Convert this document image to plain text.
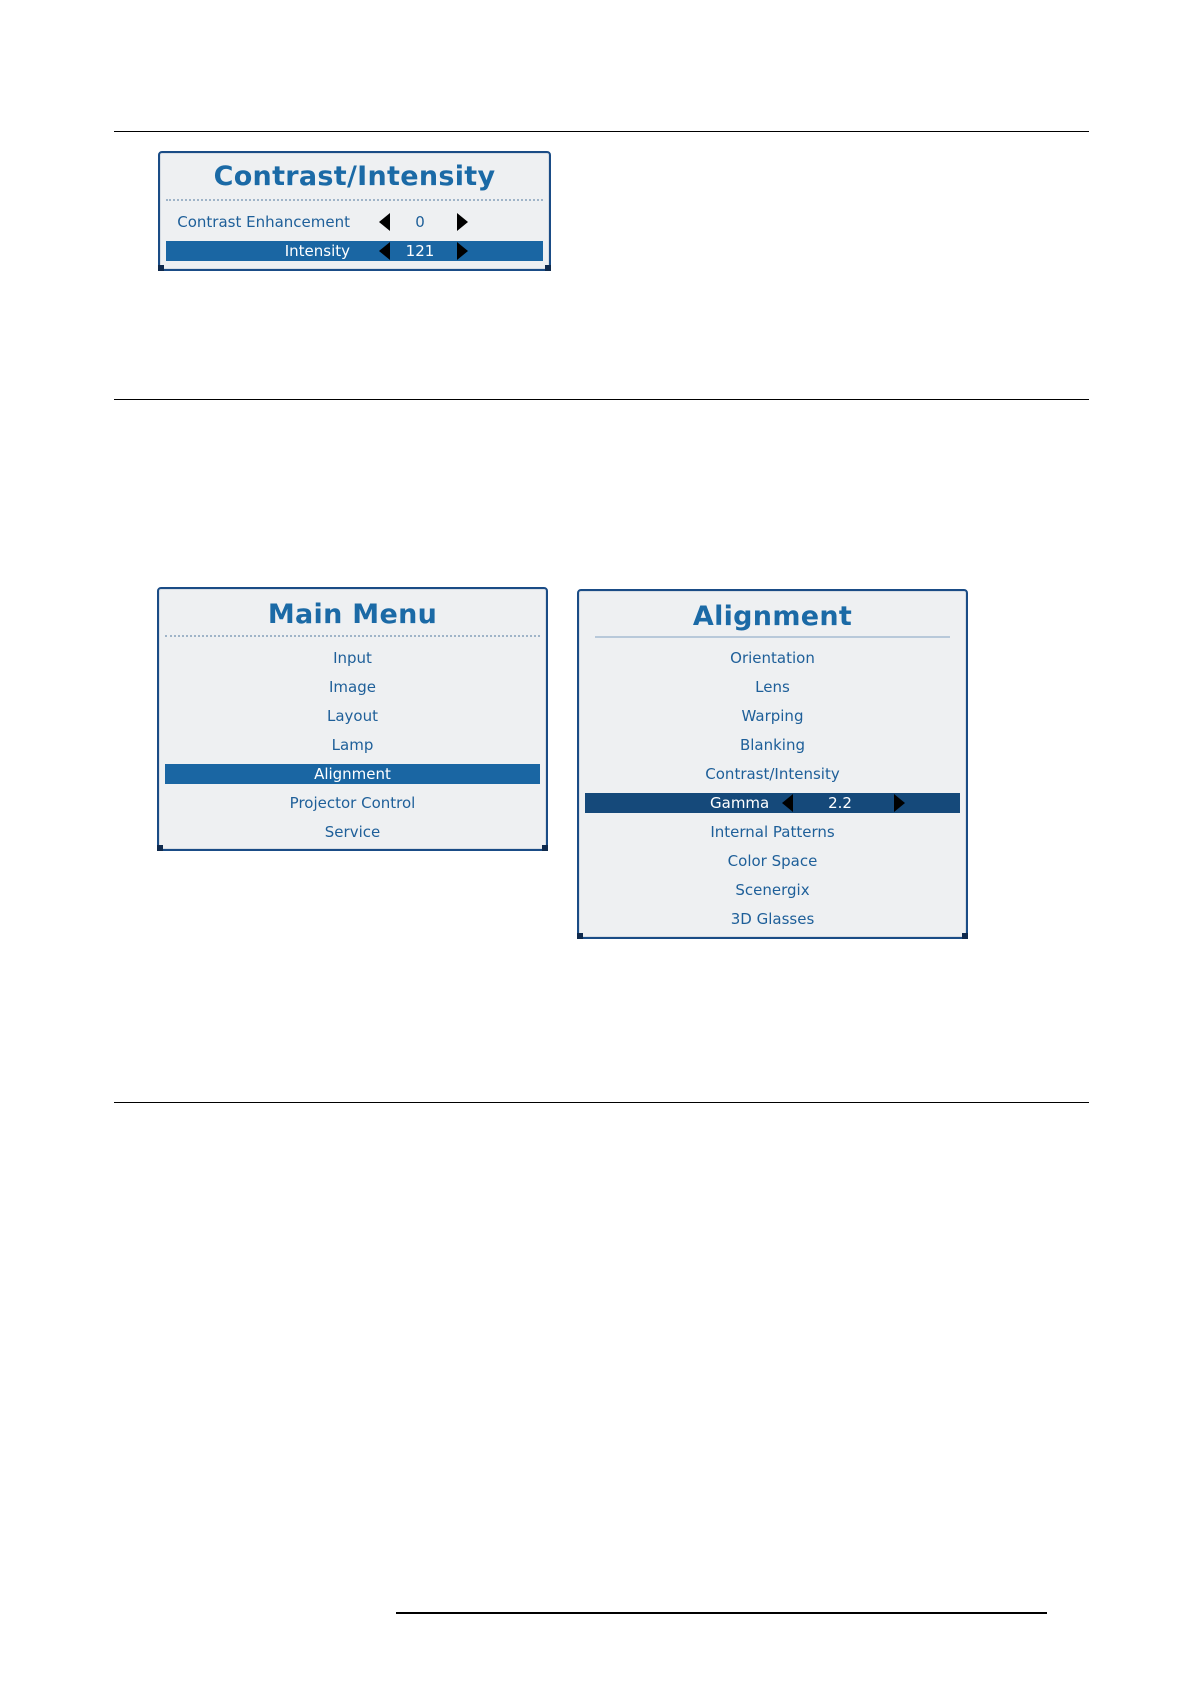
Contrast/Intensity
Contrast Enhancement	0
Intensity	121
Main Menu
Input
Image
Layout
Lamp
Alignment
Projector Control
Service
Alignment
Orientation
Lens
Warping
Blanking
Contrast/Intensity
Gamma	2.2
Internal Patterns
Color Space
Scenergix
3D Glasses
